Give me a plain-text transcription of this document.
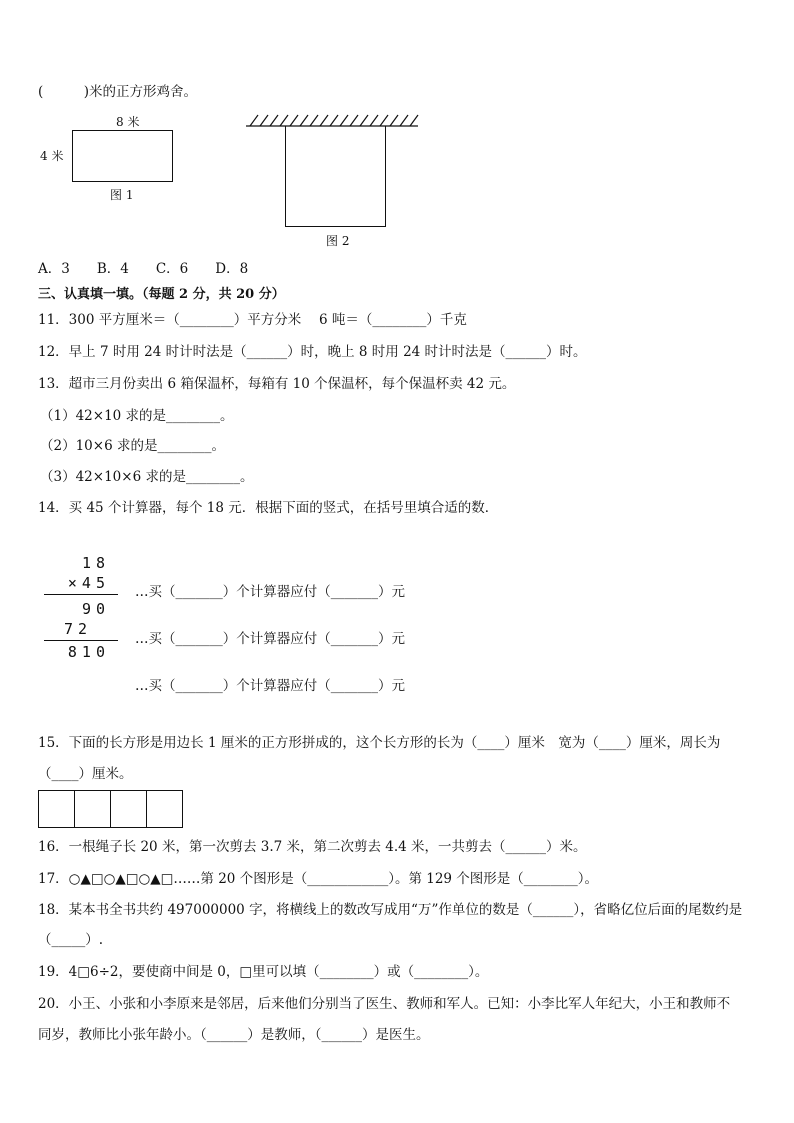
(　　　)米的正方形鸡舍。
8 米
4 米
图 1
图 2
A．3　　B．4　　C．6　　D．8
三、认真填一填。（每题 2 分，共 20 分）
11．300 平方厘米＝（________）平方分米　 6 吨＝（________）千克
12．早上 7 时用 24 时计时法是（______）时，晚上 8 时用 24 时计时法是（______）时。
13．超市三月份卖出 6 箱保温杯，每箱有 10 个保温杯，每个保温杯卖 42 元。
（1）42×10 求的是________。
（2）10×6 求的是________。
（3）42×10×6 求的是________。
14．买 45 个计算器，每个 18 元．根据下面的竖式，在括号里填合适的数．
18
×45
90
72
810
…买（_______）个计算器应付（_______）元
…买（_______）个计算器应付（_______）元
…买（_______）个计算器应付（_______）元
15．下面的长方形是用边长 1 厘米的正方形拼成的，这个长方形的长为（____）厘米　宽为（____）厘米，周长为
（____）厘米。
16．一根绳子长 20 米，第一次剪去 3.7 米，第二次剪去 4.4 米，一共剪去（______）米。
17．○▲□○▲□○▲□……第 20 个图形是（____________）。第 129 个图形是（________）。
18．某本书全书共约 497000000 字，将横线上的数改写成用“万”作单位的数是（______），省略亿位后面的尾数约是
（_____）.
19．4□6÷2，要使商中间是 0，□里可以填（________）或（________）。
20．小王、小张和小李原来是邻居，后来他们分别当了医生、教师和军人。已知：小李比军人年纪大，小王和教师不
同岁，教师比小张年龄小。（______）是教师，（______）是医生。
